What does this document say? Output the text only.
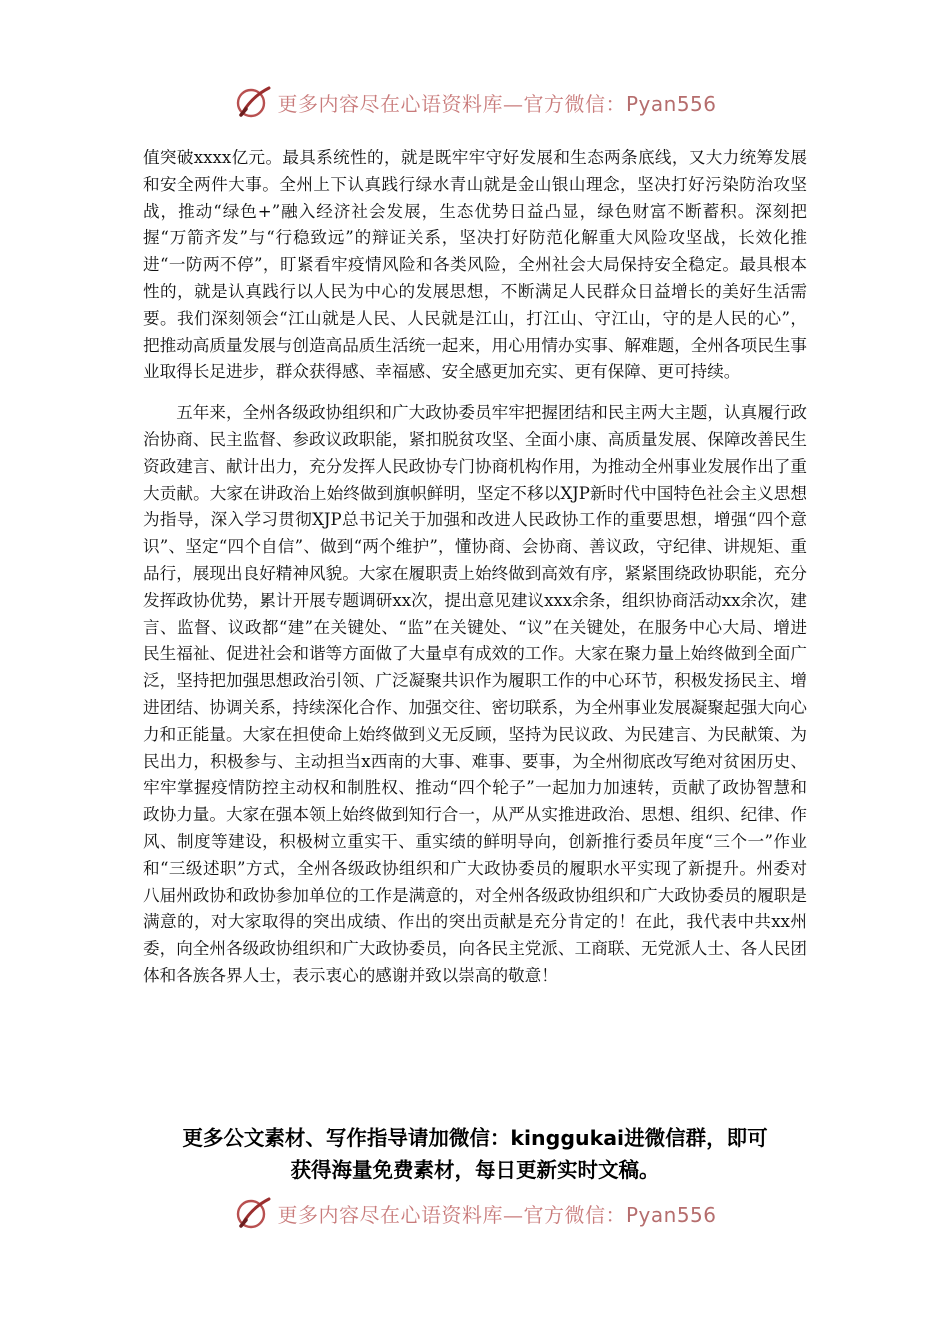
更多内容尽在心语资料库—官方微信：Pyan556

值突破xxxx亿元。最具系统性的，就是既牢牢守好发展和生态两条底线，又大力统筹发展和安全两件大事。全州上下认真践行绿水青山就是金山银山理念，坚决打好污染防治攻坚战，推动“绿色+”融入经济社会发展，生态优势日益凸显，绿色财富不断蓄积。深刻把握“万箭齐发”与“行稳致远”的辩证关系，坚决打好防范化解重大风险攻坚战，长效化推进“一防两不停”，盯紧看牢疫情风险和各类风险，全州社会大局保持安全稳定。最具根本性的，就是认真践行以人民为中心的发展思想，不断满足人民群众日益增长的美好生活需要。我们深刻领会“江山就是人民、人民就是江山，打江山、守江山，守的是人民的心”，把推动高质量发展与创造高品质生活统一起来，用心用情办实事、解难题，全州各项民生事业取得长足进步，群众获得感、幸福感、安全感更加充实、更有保障、更可持续。

五年来，全州各级政协组织和广大政协委员牢牢把握团结和民主两大主题，认真履行政治协商、民主监督、参政议政职能，紧扣脱贫攻坚、全面小康、高质量发展、保障改善民生资政建言、献计出力，充分发挥人民政协专门协商机构作用，为推动全州事业发展作出了重大贡献。大家在讲政治上始终做到旗帜鲜明，坚定不移以XJP新时代中国特色社会主义思想为指导，深入学习贯彻XJP总书记关于加强和改进人民政协工作的重要思想，增强“四个意识”、坚定“四个自信”、做到“两个维护”，懂协商、会协商、善议政，守纪律、讲规矩、重品行，展现出良好精神风貌。大家在履职责上始终做到高效有序，紧紧围绕政协职能，充分发挥政协优势，累计开展专题调研xx次，提出意见建议xxx余条，组织协商活动xx余次，建言、监督、议政都“建”在关键处、“监”在关键处、“议”在关键处，在服务中心大局、增进民生福祉、促进社会和谐等方面做了大量卓有成效的工作。大家在聚力量上始终做到全面广泛，坚持把加强思想政治引领、广泛凝聚共识作为履职工作的中心环节，积极发扬民主、增进团结、协调关系，持续深化合作、加强交往、密切联系，为全州事业发展凝聚起强大向心力和正能量。大家在担使命上始终做到义无反顾，坚持为民议政、为民建言、为民献策、为民出力，积极参与、主动担当x西南的大事、难事、要事，为全州彻底改写绝对贫困历史、牢牢掌握疫情防控主动权和制胜权、推动“四个轮子”一起加力加速转，贡献了政协智慧和政协力量。大家在强本领上始终做到知行合一，从严从实推进政治、思想、组织、纪律、作风、制度等建设，积极树立重实干、重实绩的鲜明导向，创新推行委员年度“三个一”作业和“三级述职”方式，全州各级政协组织和广大政协委员的履职水平实现了新提升。州委对八届州政协和政协参加单位的工作是满意的，对全州各级政协组织和广大政协委员的履职是满意的，对大家取得的突出成绩、作出的突出贡献是充分肯定的！在此，我代表中共xx州委，向全州各级政协组织和广大政协委员，向各民主党派、工商联、无党派人士、各人民团体和各族各界人士，表示衷心的感谢并致以崇高的敬意！

更多公文素材、写作指导请加微信：kinggukai进微信群，即可
获得海量免费素材，每日更新实时文稿。
更多内容尽在心语资料库—官方微信：Pyan556
